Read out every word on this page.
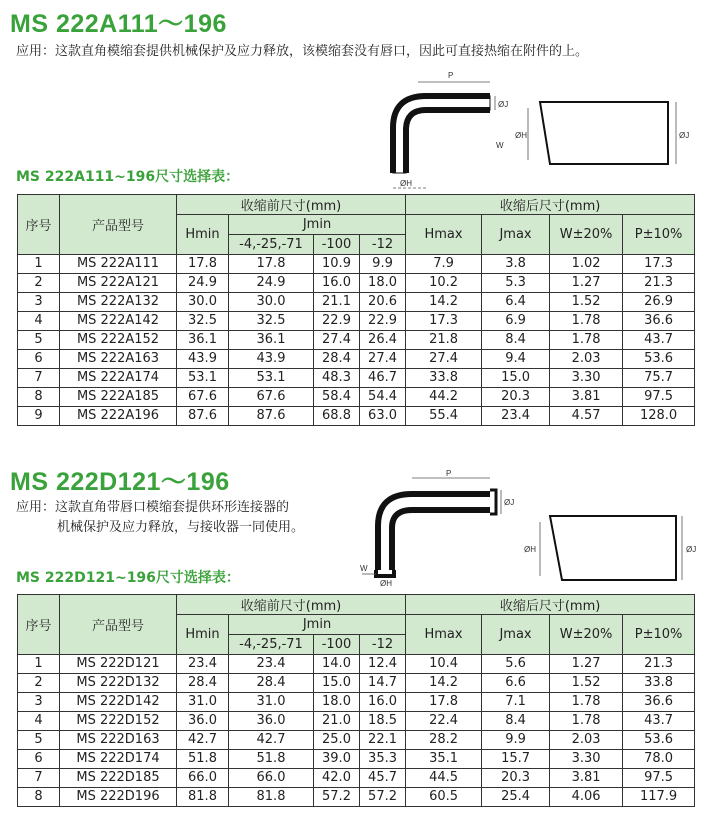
MS 222A111～196
应用：这款直角模缩套提供机械保护及应力释放，该模缩套没有唇口，因此可直接热缩在附件的上。
P
ØJ
W
ØH
ØH	ØJ
MS 222A111~196尺寸选择表：
序号	产品型号	收缩前尺寸(mm)				收缩后尺寸(mm)			
		Hmin	Jmin			Hmax	Jmax	W±20%	P±10%
			-4,-25,-71	-100	-12				
1	MS 222A111	17.8	17.8	10.9	9.9	7.9	3.8	1.02	17.3
2	MS 222A121	24.9	24.9	16.0	18.0	10.2	5.3	1.27	21.3
3	MS 222A132	30.0	30.0	21.1	20.6	14.2	6.4	1.52	26.9
4	MS 222A142	32.5	32.5	22.9	22.9	17.3	6.9	1.78	36.6
5	MS 222A152	36.1	36.1	27.4	26.4	21.8	8.4	1.78	43.7
6	MS 222A163	43.9	43.9	28.4	27.4	27.4	9.4	2.03	53.6
7	MS 222A174	53.1	53.1	48.3	46.7	33.8	15.0	3.30	75.7
8	MS 222A185	67.6	67.6	58.4	54.4	44.2	20.3	3.81	97.5
9	MS 222A196	87.6	87.6	68.8	63.0	55.4	23.4	4.57	128.0
MS 222D121～196
应用：这款直角带唇口模缩套提供环形连接器的
机械保护及应力释放，与接收器一同使用。
P
ØJ
W
ØH
ØH	ØJ
MS 222D121~196尺寸选择表：
序号	产品型号	收缩前尺寸(mm)				收缩后尺寸(mm)			
		Hmin	Jmin			Hmax	Jmax	W±20%	P±10%
			-4,-25,-71	-100	-12				
1	MS 222D121	23.4	23.4	14.0	12.4	10.4	5.6	1.27	21.3
2	MS 222D132	28.4	28.4	15.0	14.7	14.2	6.6	1.52	33.8
3	MS 222D142	31.0	31.0	18.0	16.0	17.8	7.1	1.78	36.6
4	MS 222D152	36.0	36.0	21.0	18.5	22.4	8.4	1.78	43.7
5	MS 222D163	42.7	42.7	25.0	22.1	28.2	9.9	2.03	53.6
6	MS 222D174	51.8	51.8	39.0	35.3	35.1	15.7	3.30	78.0
7	MS 222D185	66.0	66.0	42.0	45.7	44.5	20.3	3.81	97.5
8	MS 222D196	81.8	81.8	57.2	57.2	60.5	25.4	4.06	117.9
